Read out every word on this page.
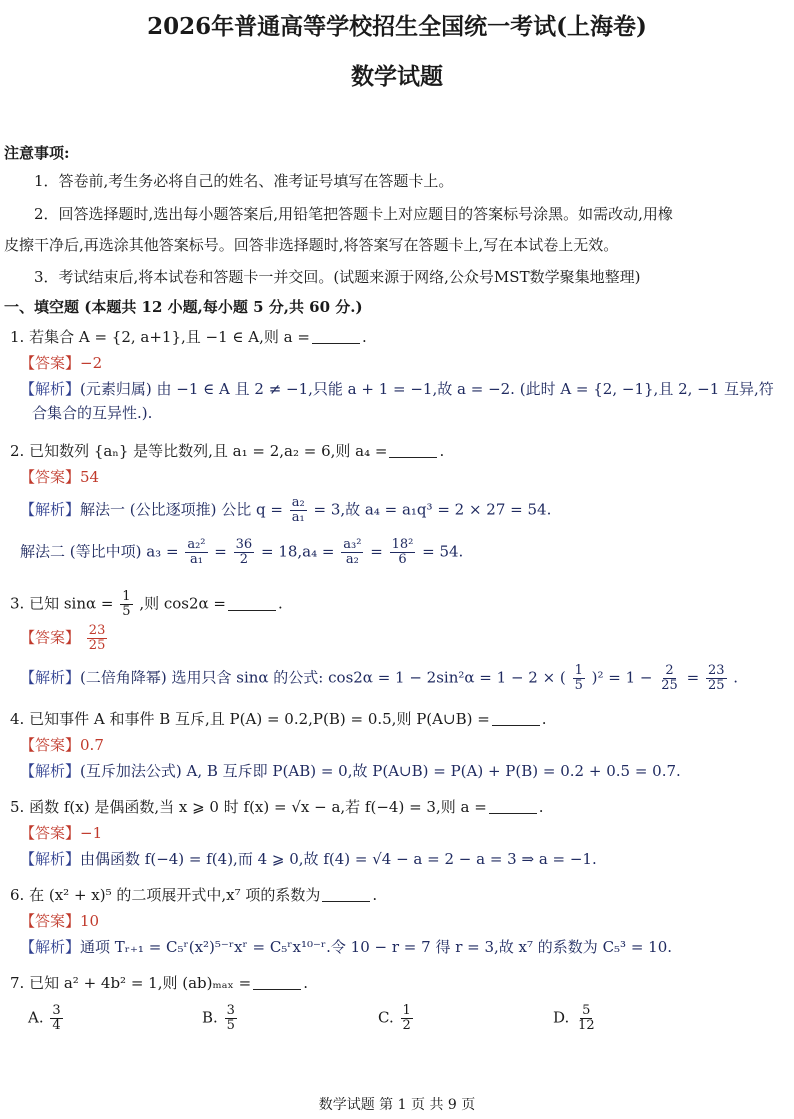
2026年普通高等学校招生全国统一考试(上海卷)
数学试题
注意事项:
1．答卷前,考生务必将自己的姓名、准考证号填写在答题卡上。
2．回答选择题时,选出每小题答案后,用铅笔把答题卡上对应题目的答案标号涂黑。如需改动,用橡
皮擦干净后,再选涂其他答案标号。回答非选择题时,将答案写在答题卡上,写在本试卷上无效。
3．考试结束后,将本试卷和答题卡一并交回。(试题来源于网络,公众号MST数学聚集地整理)
一、填空题 (本题共 12 小题,每小题 5 分,共 60 分.)
1. 若集合 A = {2, a+1},且 −1 ∈ A,则 a =	.
【答案】−2
【解析】(元素归属) 由 −1 ∈ A 且 2 ≠ −1,只能 a + 1 = −1,故 a = −2. (此时 A = {2, −1},且 2, −1 互异,符
合集合的互异性.).
2. 已知数列 {aₙ} 是等比数列,且 a₁ = 2,a₂ = 6,则 a₄ =	.
【答案】54
【解析】解法一 (公比逐项推) 公比 $q = \frac{\text{a₂}}{\text{a₁}} = 3$,故 a₄ = a₁q³ = 2 × 27 = 54.
解法二 (等比中项) $a_3 = \frac{\text{a₂²}}{\text{a₁}} = \frac{36}{2} = 18,a_4 = \frac{\text{a₃²}}{\text{a₂}} = \frac{\text{18²}}{6} = 54$.
3. 已知 $\sin\alpha = \frac{1}{5}$ ,则 cos2α =	.
【答案】 $\frac{23}{25}$
【解析】(二倍角降幂) 选用只含 sinα 的公式: cos2α = 1 − 2sin²α = 1 − 2 × ( $\frac{1}{5} )^2 = 1 - \frac{2}{25} = \frac{23}{25}$ .
4. 已知事件 A 和事件 B 互斥,且 P(A) = 0.2,P(B) = 0.5,则 P(A∪B) =	.
【答案】0.7
【解析】(互斥加法公式) A, B 互斥即 P(AB) = 0,故 P(A∪B) = P(A) + P(B) = 0.2 + 0.5 = 0.7.
5. 函数 f(x) 是偶函数,当 x ⩾ 0 时 f(x) = √x − a,若 f(−4) = 3,则 a =	.
【答案】−1
【解析】由偶函数 f(−4) = f(4),而 4 ⩾ 0,故 f(4) = √4 − a = 2 − a = 3 ⇒ a = −1.
6. 在 (x² + x)⁵ 的二项展开式中,x⁷ 项的系数为	.
【答案】10
【解析】通项 Tᵣ₊₁ = C₅ʳ(x²)⁵⁻ʳxʳ = C₅ʳx¹⁰⁻ʳ.令 10 − r = 7 得 r = 3,故 x⁷ 的系数为 C₅³ = 10.
7. 已知 a² + 4b² = 1,则 (ab)ₘₐₓ =	.
A. $\frac{3}{4}$	B. $\frac{3}{5}$	C. $\frac{1}{2}$	D. $\frac{5}{12}$
数学试题 第 1 页 共 9 页
